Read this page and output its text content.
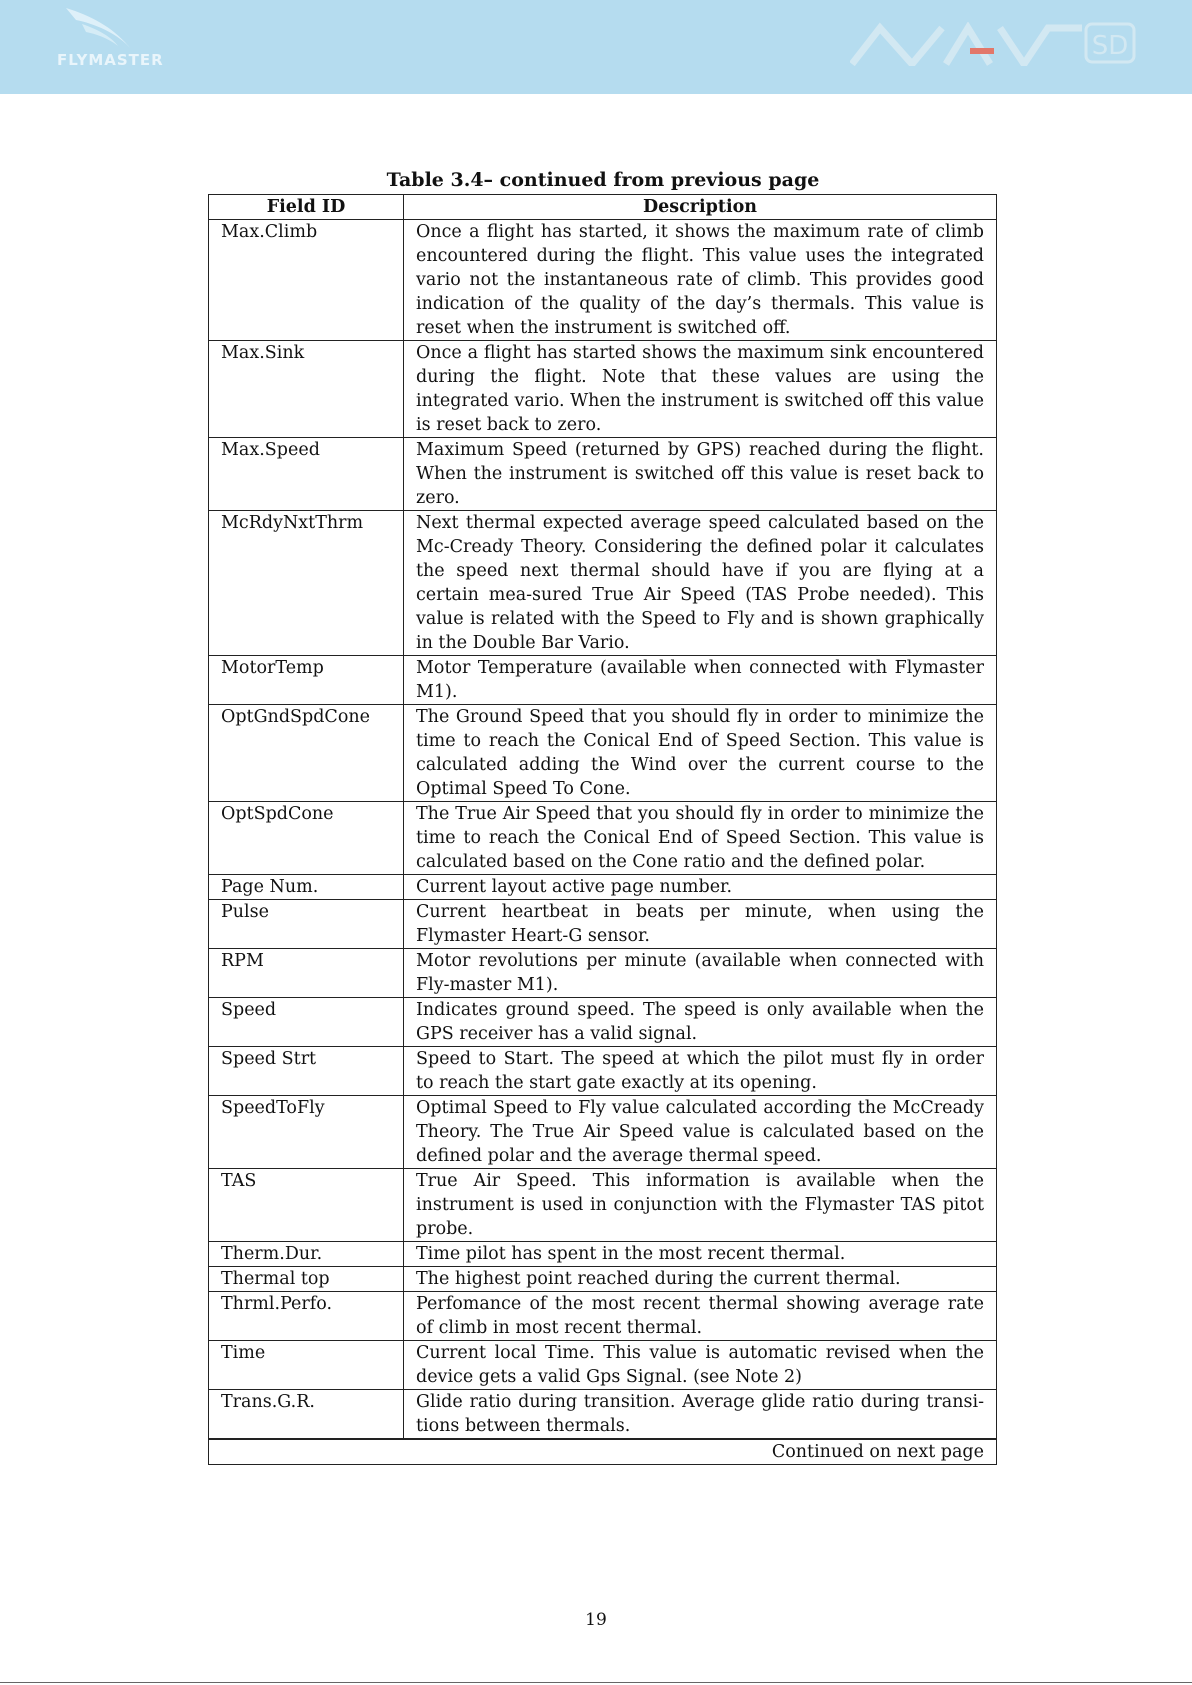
FLYMASTER	SD
Table 3.4– continued from previous page
Field ID	Description
Max.Climb	Once a flight has started, it shows the maximum rate of climb encountered during the flight. This value uses the integrated vario not the instantaneous rate of climb. This provides good indication of the quality of the day’s thermals. This value is reset when the instrument is switched off.
Max.Sink	Once a flight has started shows the maximum sink encountered during the flight. Note that these values are using the integrated vario. When the instrument is switched off this value is reset back to zero.
Max.Speed	Maximum Speed (returned by GPS) reached during the flight. When the instrument is switched off this value is reset back to zero.
McRdyNxtThrm	Next thermal expected average speed calculated based on the Mc-Cready Theory. Considering the defined polar it calculates the speed next thermal should have if you are flying at a certain mea-sured True Air Speed (TAS Probe needed). This value is related with the Speed to Fly and is shown graphically in the Double Bar Vario.
MotorTemp	Motor Temperature (available when connected with Flymaster M1).
OptGndSpdCone	The Ground Speed that you should fly in order to minimize the time to reach the Conical End of Speed Section. This value is calculated adding the Wind over the current course to the Optimal Speed To Cone.
OptSpdCone	The True Air Speed that you should fly in order to minimize the time to reach the Conical End of Speed Section. This value is calculated based on the Cone ratio and the defined polar.
Page Num.	Current layout active page number.
Pulse	Current heartbeat in beats per minute, when using the Flymaster Heart-G sensor.
RPM	Motor revolutions per minute (available when connected with Fly-master M1).
Speed	Indicates ground speed. The speed is only available when the GPS receiver has a valid signal.
Speed Strt	Speed to Start. The speed at which the pilot must fly in order to reach the start gate exactly at its opening.
SpeedToFly	Optimal Speed to Fly value calculated according the McCready Theory. The True Air Speed value is calculated based on the defined polar and the average thermal speed.
TAS	True Air Speed. This information is available when the instrument is used in conjunction with the Flymaster TAS pitot probe.
Therm.Dur.	Time pilot has spent in the most recent thermal.
Thermal top	The highest point reached during the current thermal.
Thrml.Perfo.	Perfomance of the most recent thermal showing average rate of climb in most recent thermal.
Time	Current local Time. This value is automatic revised when the device gets a valid Gps Signal. (see Note 2)
Trans.G.R.	Glide ratio during transition. Average glide ratio during transi-tions between thermals.
Continued on next page	
19
